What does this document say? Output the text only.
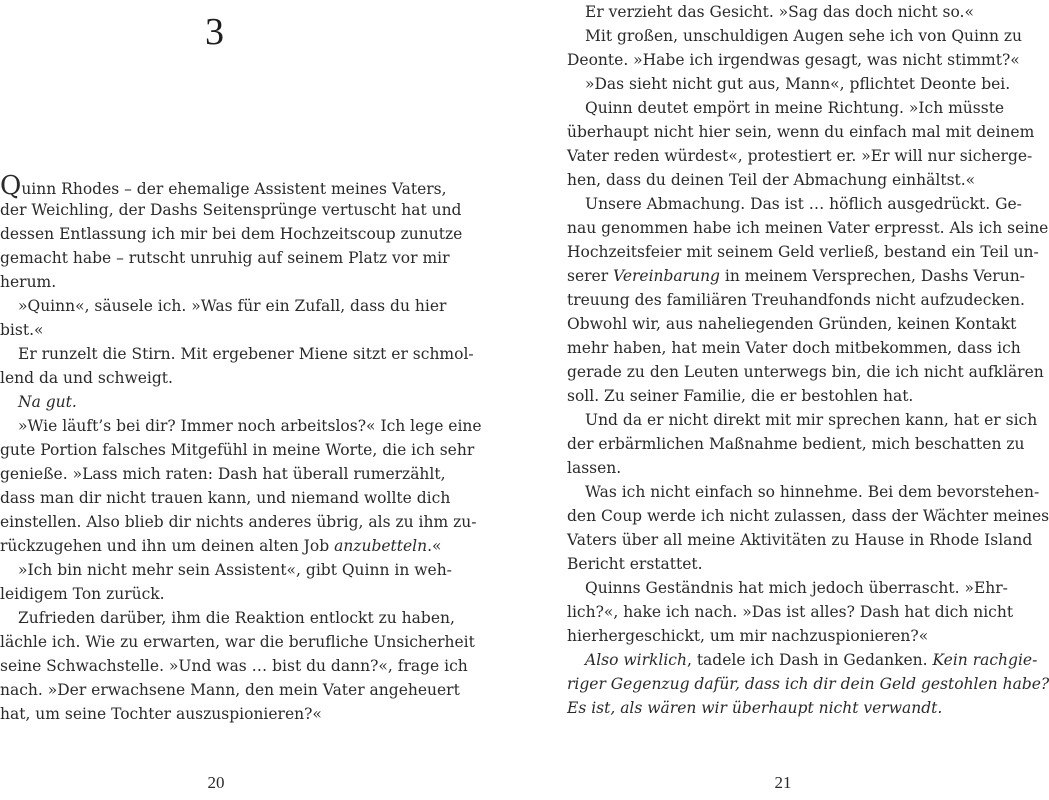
3
Quinn Rhodes – der ehemalige Assistent meines Vaters,
der Weichling, der Dashs Seitensprünge vertuscht hat und
dessen Entlassung ich mir bei dem Hochzeitscoup zunutze
gemacht habe – rutscht unruhig auf seinem Platz vor mir
herum.
»Quinn«, säusele ich. »Was für ein Zufall, dass du hier
bist.«
Er runzelt die Stirn. Mit ergebener Miene sitzt er schmol-
lend da und schweigt.
Na gut.
»Wie läuft’s bei dir? Immer noch arbeitslos?« Ich lege eine
gute Portion falsches Mitgefühl in meine Worte, die ich sehr
genieße. »Lass mich raten: Dash hat überall rumerzählt,
dass man dir nicht trauen kann, und niemand wollte dich
einstellen. Also blieb dir nichts anderes übrig, als zu ihm zu-
rückzugehen und ihn um deinen alten Job anzubetteln.«
»Ich bin nicht mehr sein Assistent«, gibt Quinn in weh-
leidigem Ton zurück.
Zufrieden darüber, ihm die Reaktion entlockt zu haben,
lächle ich. Wie zu erwarten, war die berufliche Unsicherheit
seine Schwachstelle. »Und was … bist du dann?«, frage ich
nach. »Der erwachsene Mann, den mein Vater angeheuert
hat, um seine Tochter auszuspionieren?«
20
Er verzieht das Gesicht. »Sag das doch nicht so.«
Mit großen, unschuldigen Augen sehe ich von Quinn zu
Deonte. »Habe ich irgendwas gesagt, was nicht stimmt?«
»Das sieht nicht gut aus, Mann«, pflichtet Deonte bei.
Quinn deutet empört in meine Richtung. »Ich müsste
überhaupt nicht hier sein, wenn du einfach mal mit deinem
Vater reden würdest«, protestiert er. »Er will nur sicherge-
hen, dass du deinen Teil der Abmachung einhältst.«
Unsere Abmachung. Das ist … höflich ausgedrückt. Ge-
nau genommen habe ich meinen Vater erpresst. Als ich seine
Hochzeitsfeier mit seinem Geld verließ, bestand ein Teil un-
serer Vereinbarung in meinem Versprechen, Dashs Verun-
treuung des familiären Treuhandfonds nicht aufzudecken.
Obwohl wir, aus naheliegenden Gründen, keinen Kontakt
mehr haben, hat mein Vater doch mitbekommen, dass ich
gerade zu den Leuten unterwegs bin, die ich nicht aufklären
soll. Zu seiner Familie, die er bestohlen hat.
Und da er nicht direkt mit mir sprechen kann, hat er sich
der erbärmlichen Maßnahme bedient, mich beschatten zu
lassen.
Was ich nicht einfach so hinnehme. Bei dem bevorstehen-
den Coup werde ich nicht zulassen, dass der Wächter meines
Vaters über all meine Aktivitäten zu Hause in Rhode Island
Bericht erstattet.
Quinns Geständnis hat mich jedoch überrascht. »Ehr-
lich?«, hake ich nach. »Das ist alles? Dash hat dich nicht
hierhergeschickt, um mir nachzuspionieren?«
Also wirklich, tadele ich Dash in Gedanken. Kein rachgie-
riger Gegenzug dafür, dass ich dir dein Geld gestohlen habe?
Es ist, als wären wir überhaupt nicht verwandt.
21
